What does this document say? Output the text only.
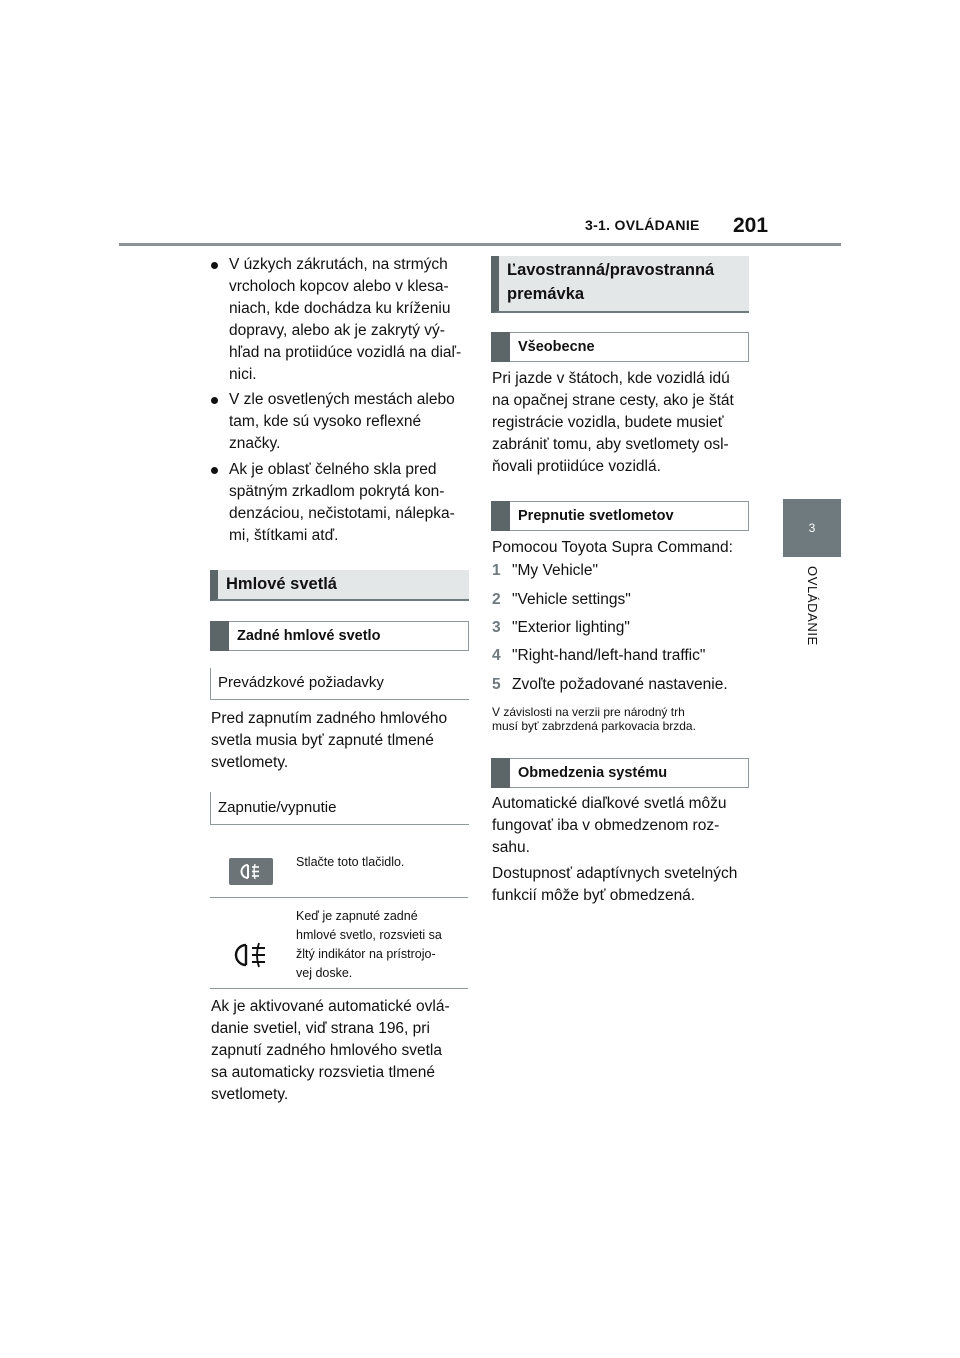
3-1. OVLÁDANIE 201
3
OVLÁDANIE
V úzkych zákrutách, na strmých
vrcholoch kopcov alebo v klesa-
niach, kde dochádza ku kríženiu
dopravy, alebo ak je zakrytý vý-
hľad na protiidúce vozidlá na diaľ-
nici.
V zle osvetlených mestách alebo
tam, kde sú vysoko reflexné
značky.
Ak je oblasť čelného skla pred
spätným zrkadlom pokrytá kon-
denzáciou, nečistotami, nálepka-
mi, štítkami atď.
Hmlové svetlá
Zadné hmlové svetlo
Prevádzkové požiadavky
Pred zapnutím zadného hmlového
svetla musia byť zapnuté tlmené
svetlomety.
Zapnutie/vypnutie
Stlačte toto tlačidlo.
Keď je zapnuté zadné
hmlové svetlo, rozsvieti sa
žltý indikátor na prístrojo-
vej doske.
Ak je aktivované automatické ovlá-
danie svetiel, viď strana 196, pri
zapnutí zadného hmlového svetla
sa automaticky rozsvietia tlmené
svetlomety.
Ľavostranná/pravostranná
premávka
Všeobecne
Pri jazde v štátoch, kde vozidlá idú
na opačnej strane cesty, ako je štát
registrácie vozidla, budete musieť
zabrániť tomu, aby svetlomety osl-
ňovali protiidúce vozidlá.
Prepnutie svetlometov
Pomocou Toyota Supra Command:
1 "My Vehicle"
2 "Vehicle settings"
3 "Exterior lighting"
4 "Right-hand/left-hand traffic"
5 Zvoľte požadované nastavenie.
V závislosti na verzii pre národný trh
musí byť zabrzdená parkovacia brzda.
Obmedzenia systému
Automatické diaľkové svetlá môžu
fungovať iba v obmedzenom roz-
sahu.
Dostupnosť adaptívnych svetelných
funkcií môže byť obmedzená.
